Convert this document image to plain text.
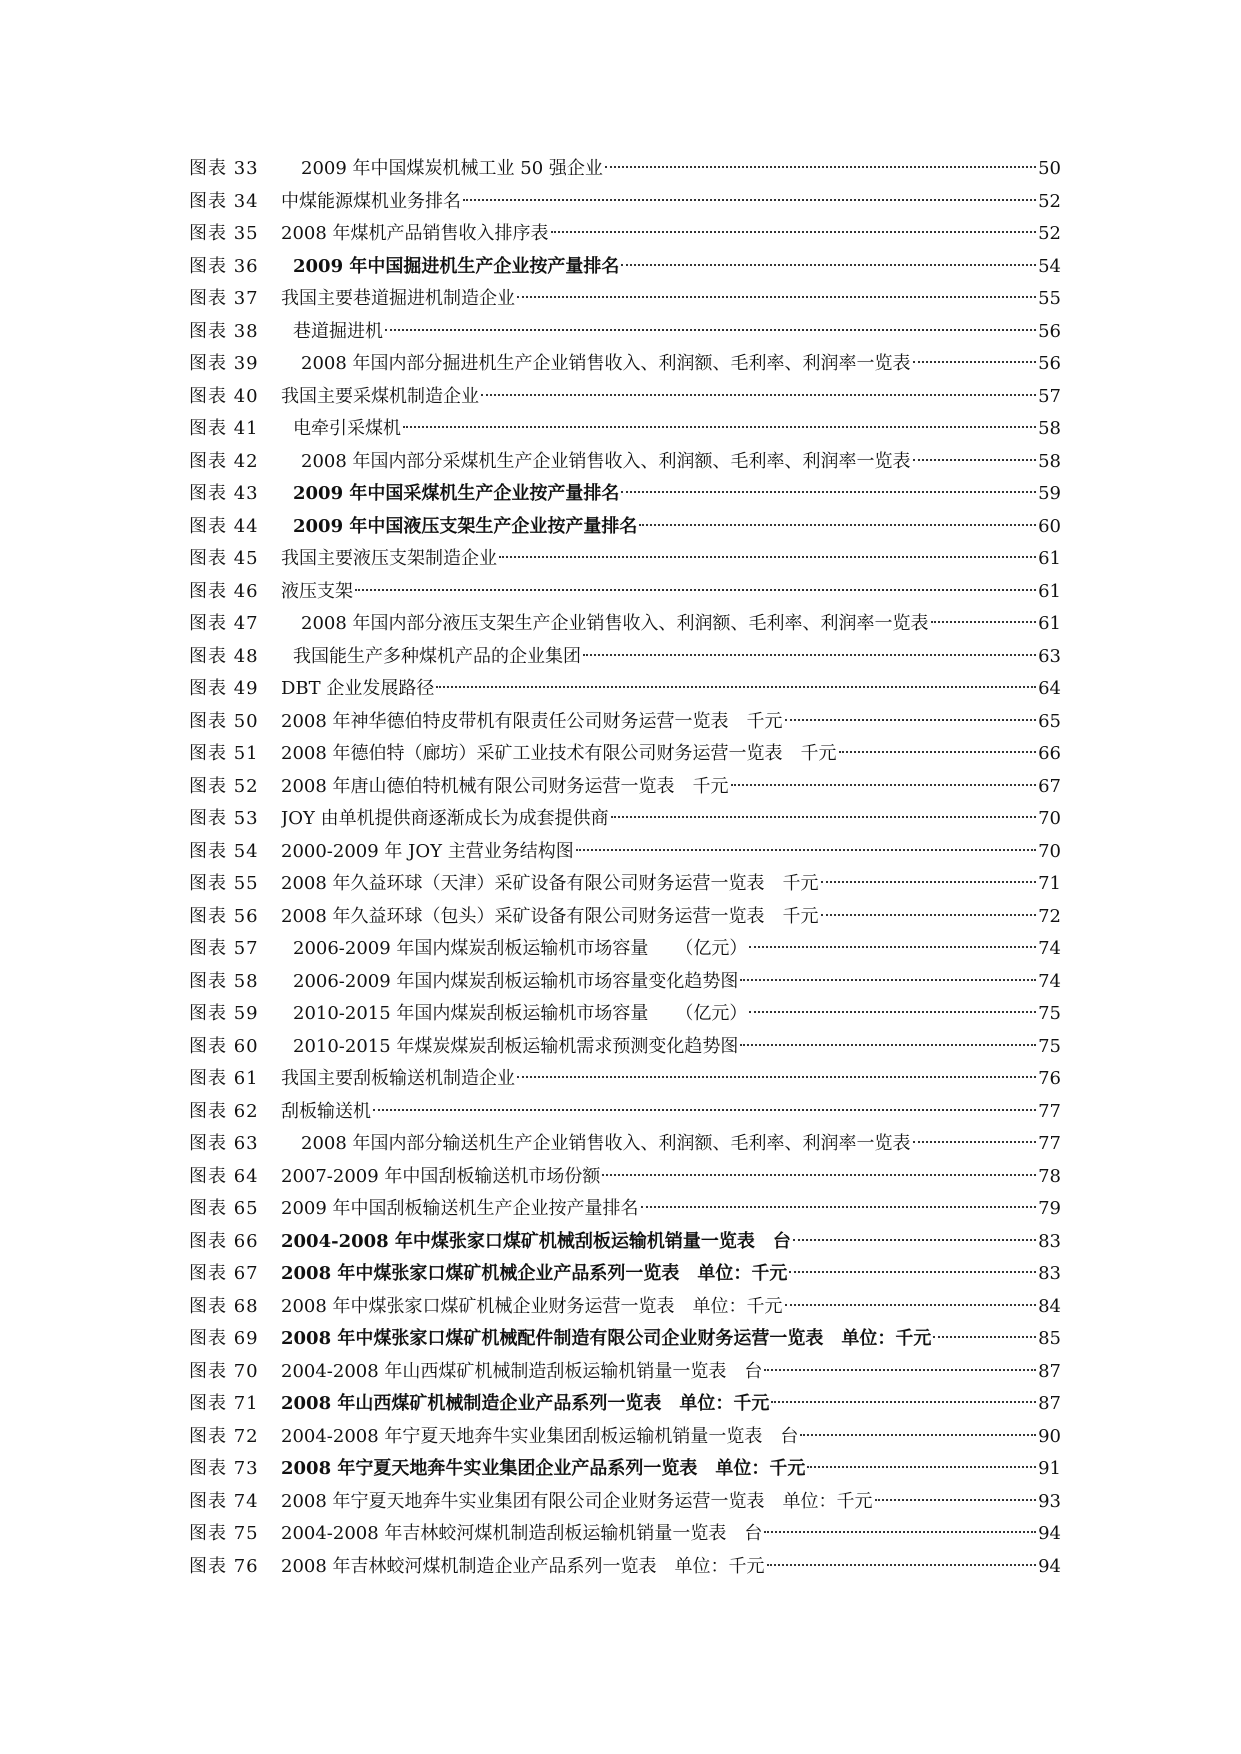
图表 33	2009 年中国煤炭机械工业 50 强企业	50
图表 34	中煤能源煤机业务排名	52
图表 35	2008 年煤机产品销售收入排序表	52
图表 36	2009 年中国掘进机生产企业按产量排名	54
图表 37	我国主要巷道掘进机制造企业	55
图表 38	巷道掘进机	56
图表 39	2008 年国内部分掘进机生产企业销售收入、利润额、毛利率、利润率一览表	56
图表 40	我国主要采煤机制造企业	57
图表 41	电牵引采煤机	58
图表 42	2008 年国内部分采煤机生产企业销售收入、利润额、毛利率、利润率一览表	58
图表 43	2009 年中国采煤机生产企业按产量排名	59
图表 44	2009 年中国液压支架生产企业按产量排名	60
图表 45	我国主要液压支架制造企业	61
图表 46	液压支架	61
图表 47	2008 年国内部分液压支架生产企业销售收入、利润额、毛利率、利润率一览表	61
图表 48	我国能生产多种煤机产品的企业集团	63
图表 49	DBT 企业发展路径	64
图表 50	2008 年神华德伯特皮带机有限责任公司财务运营一览表　千元	65
图表 51	2008 年德伯特（廊坊）采矿工业技术有限公司财务运营一览表　千元	66
图表 52	2008 年唐山德伯特机械有限公司财务运营一览表　千元	67
图表 53	JOY 由单机提供商逐渐成长为成套提供商	70
图表 54	2000-2009 年 JOY 主营业务结构图	70
图表 55	2008 年久益环球（天津）采矿设备有限公司财务运营一览表　千元	71
图表 56	2008 年久益环球（包头）采矿设备有限公司财务运营一览表　千元	72
图表 57	2006-2009 年国内煤炭刮板运输机市场容量　　（亿元）	74
图表 58	2006-2009 年国内煤炭刮板运输机市场容量变化趋势图	74
图表 59	2010-2015 年国内煤炭刮板运输机市场容量　　（亿元）	75
图表 60	2010-2015 年煤炭煤炭刮板运输机需求预测变化趋势图	75
图表 61	我国主要刮板输送机制造企业	76
图表 62	刮板输送机	77
图表 63	2008 年国内部分输送机生产企业销售收入、利润额、毛利率、利润率一览表	77
图表 64	2007-2009 年中国刮板输送机市场份额	78
图表 65	2009 年中国刮板输送机生产企业按产量排名	79
图表 66	2004-2008 年中煤张家口煤矿机械刮板运输机销量一览表　台	83
图表 67	2008 年中煤张家口煤矿机械企业产品系列一览表　单位：千元	83
图表 68	2008 年中煤张家口煤矿机械企业财务运营一览表　单位：千元	84
图表 69	2008 年中煤张家口煤矿机械配件制造有限公司企业财务运营一览表　单位：千元	85
图表 70	2004-2008 年山西煤矿机械制造刮板运输机销量一览表　台	87
图表 71	2008 年山西煤矿机械制造企业产品系列一览表　单位：千元	87
图表 72	2004-2008 年宁夏天地奔牛实业集团刮板运输机销量一览表　台	90
图表 73	2008 年宁夏天地奔牛实业集团企业产品系列一览表　单位：千元	91
图表 74	2008 年宁夏天地奔牛实业集团有限公司企业财务运营一览表　单位：千元	93
图表 75	2004-2008 年吉林蛟河煤机制造刮板运输机销量一览表　台	94
图表 76	2008 年吉林蛟河煤机制造企业产品系列一览表　单位：千元	94
